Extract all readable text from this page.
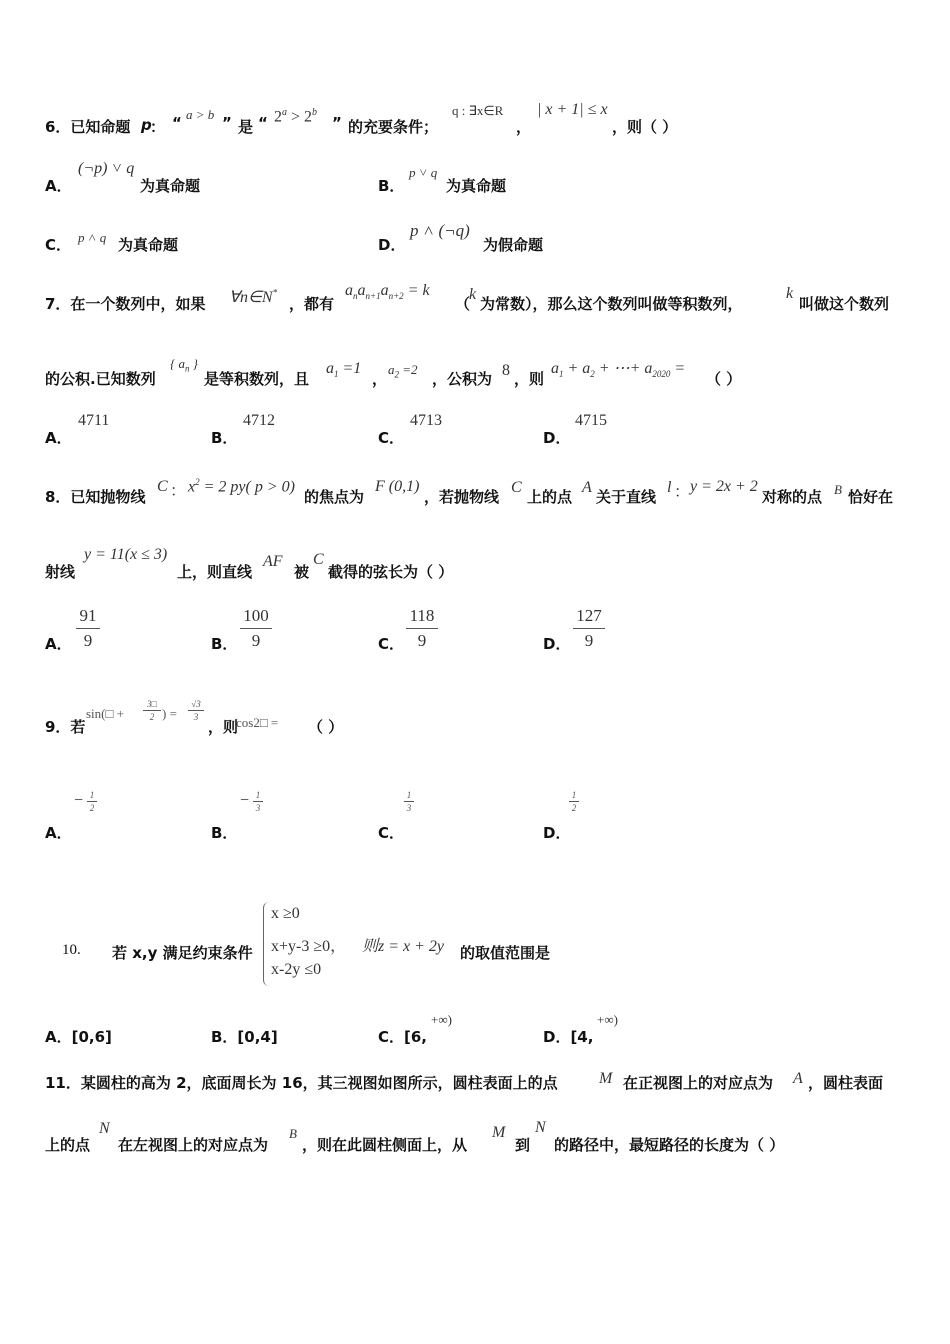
6．已知命题 p
： “ a > b ” 是 “ $2^a > 2^b$
” 的充要条件；
q : ∃x∈R
，
| x + 1| ≤ x
，则（ ）
A．
(¬p) ˅ q
为真命题	B．
p ˅ q
为真命题
C． p ˄ q 为真命题	D．
p ˄ (¬q)
为假命题
7．在一个数列中，如果 ∀n∈N*
，都有
$a_na_{n+1}a_{n+2} = k$
（
k
为常数），那么这个数列叫做等积数列，
k
叫做这个数列
的公积.已知数列
{ $a_n$ }
是等积数列，且
$a_1 =1$
，
$a_2 =2$
，公积为 8 ，则
$a_1 + a_2$ + ⋯+ $a_{2020}$ =
（ ）
A．
4711
B．
4712
C．
4713
D．
4715
8．已知抛物线
C ： $x^2 = 2$ py( p > 0)
的焦点为
F (0,1)
，若抛物线
C
上的点
A
关于直线
l ： y = 2x + 2
对称的点 B 恰好在
射线
y = 11(x ≤ 3)
上，则直线
AF
被
C
截得的弦长为（ ）
A．
91
9	B．
100
9	C．
118
9	D．
127
9
9．若
sin(□ +
3□
2 ) =
√3
3
，则
cos2□ = （ ）
A．
− 1
2
B．
− 1
3
C．
1
3
D．
1
2
10. 若 x,y 满足约束条件
x ≥0
x+y-3 ≥0， 则z = x + 2y
x-2y ≤0
的取值范围是
A．[0,6]	B．[0,4]	C．[6,
+∞)
D．[4,
+∞)
11．某圆柱的高为 2，底面周长为 16，其三视图如图所示，圆柱表面上的点	M 在正视图上的对应点为 A ，圆柱表面
上的点
N
在左视图上的对应点为
B
，则在此圆柱侧面上，从
M
到
N
的路径中，最短路径的长度为（ ）
